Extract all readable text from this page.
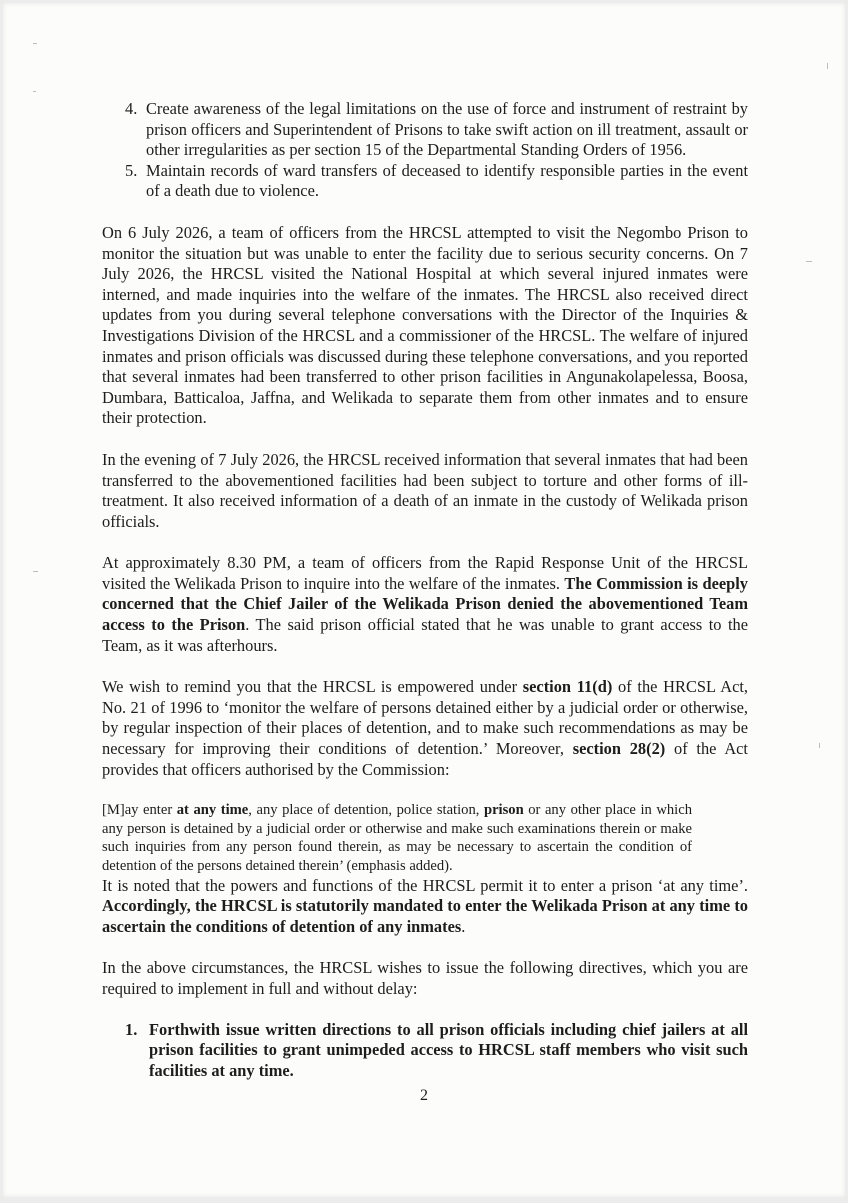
4. Create awareness of the legal limitations on the use of force and instrument of restraint by prison officers and Superintendent of Prisons to take swift action on ill treatment, assault or other irregularities as per section 15 of the Departmental Standing Orders of 1956.
5. Maintain records of ward transfers of deceased to identify responsible parties in the event of a death due to violence.

On 6 July 2026, a team of officers from the HRCSL attempted to visit the Negombo Prison to monitor the situation but was unable to enter the facility due to serious security concerns. On 7 July 2026, the HRCSL visited the National Hospital at which several injured inmates were interned, and made inquiries into the welfare of the inmates. The HRCSL also received direct updates from you during several telephone conversations with the Director of the Inquiries & Investigations Division of the HRCSL and a commissioner of the HRCSL. The welfare of injured inmates and prison officials was discussed during these telephone conversations, and you reported that several inmates had been transferred to other prison facilities in Angunakolapelessa, Boosa, Dumbara, Batticaloa, Jaffna, and Welikada to separate them from other inmates and to ensure their protection.

In the evening of 7 July 2026, the HRCSL received information that several inmates that had been transferred to the abovementioned facilities had been subject to torture and other forms of ill-treatment. It also received information of a death of an inmate in the custody of Welikada prison officials.

At approximately 8.30 PM, a team of officers from the Rapid Response Unit of the HRCSL visited the Welikada Prison to inquire into the welfare of the inmates. The Commission is deeply concerned that the Chief Jailer of the Welikada Prison denied the abovementioned Team access to the Prison. The said prison official stated that he was unable to grant access to the Team, as it was afterhours.

We wish to remind you that the HRCSL is empowered under section 11(d) of the HRCSL Act, No. 21 of 1996 to ‘monitor the welfare of persons detained either by a judicial order or otherwise, by regular inspection of their places of detention, and to make such recommendations as may be necessary for improving their conditions of detention.’ Moreover, section 28(2) of the Act provides that officers authorised by the Commission:

[M]ay enter at any time, any place of detention, police station, prison or any other place in which any person is detained by a judicial order or otherwise and make such examinations therein or make such inquiries from any person found therein, as may be necessary to ascertain the condition of detention of the persons detained therein’ (emphasis added).

It is noted that the powers and functions of the HRCSL permit it to enter a prison ‘at any time’. Accordingly, the HRCSL is statutorily mandated to enter the Welikada Prison at any time to ascertain the conditions of detention of any inmates.

In the above circumstances, the HRCSL wishes to issue the following directives, which you are required to implement in full and without delay:

1. Forthwith issue written directions to all prison officials including chief jailers at all prison facilities to grant unimpeded access to HRCSL staff members who visit such facilities at any time.
2
